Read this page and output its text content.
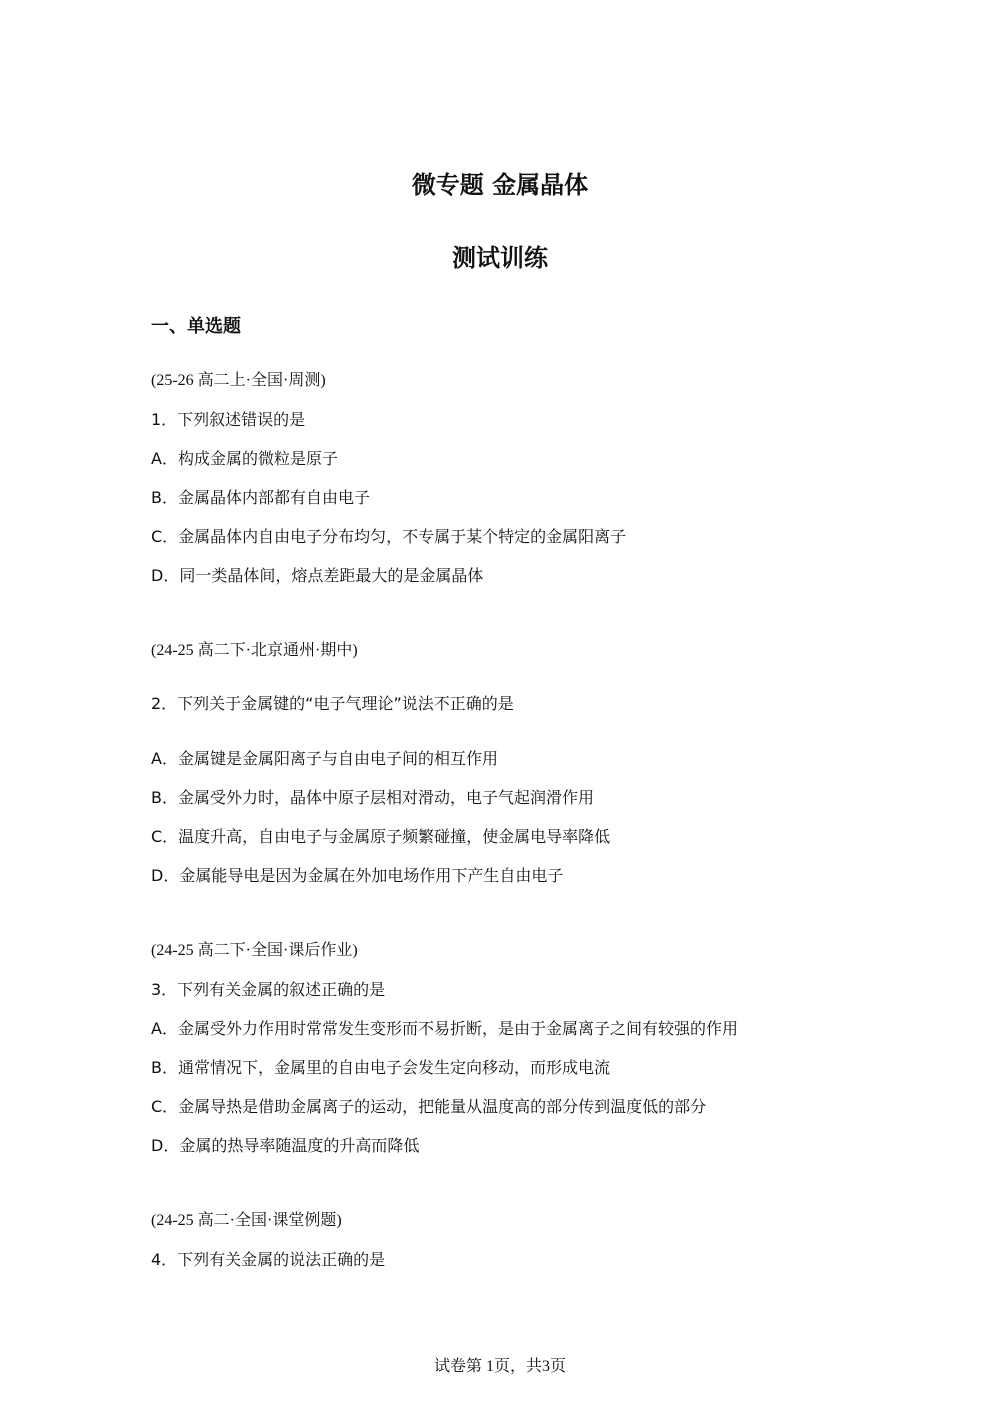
微专题 金属晶体
测试训练
一、单选题
(25-26 高二上·全国·周测)
1．下列叙述错误的是
A．构成金属的微粒是原子
B．金属晶体内部都有自由电子
C．金属晶体内自由电子分布均匀，不专属于某个特定的金属阳离子
D．同一类晶体间，熔点差距最大的是金属晶体
(24-25 高二下·北京通州·期中)
2．下列关于金属键的“电子气理论”说法不正确的是
A．金属键是金属阳离子与自由电子间的相互作用
B．金属受外力时，晶体中原子层相对滑动，电子气起润滑作用
C．温度升高，自由电子与金属原子频繁碰撞，使金属电导率降低
D．金属能导电是因为金属在外加电场作用下产生自由电子
(24-25 高二下·全国·课后作业)
3．下列有关金属的叙述正确的是
A．金属受外力作用时常常发生变形而不易折断，是由于金属离子之间有较强的作用
B．通常情况下，金属里的自由电子会发生定向移动，而形成电流
C．金属导热是借助金属离子的运动，把能量从温度高的部分传到温度低的部分
D．金属的热导率随温度的升高而降低
(24-25 高二·全国·课堂例题)
4．下列有关金属的说法正确的是
试卷第 1页，共3页
